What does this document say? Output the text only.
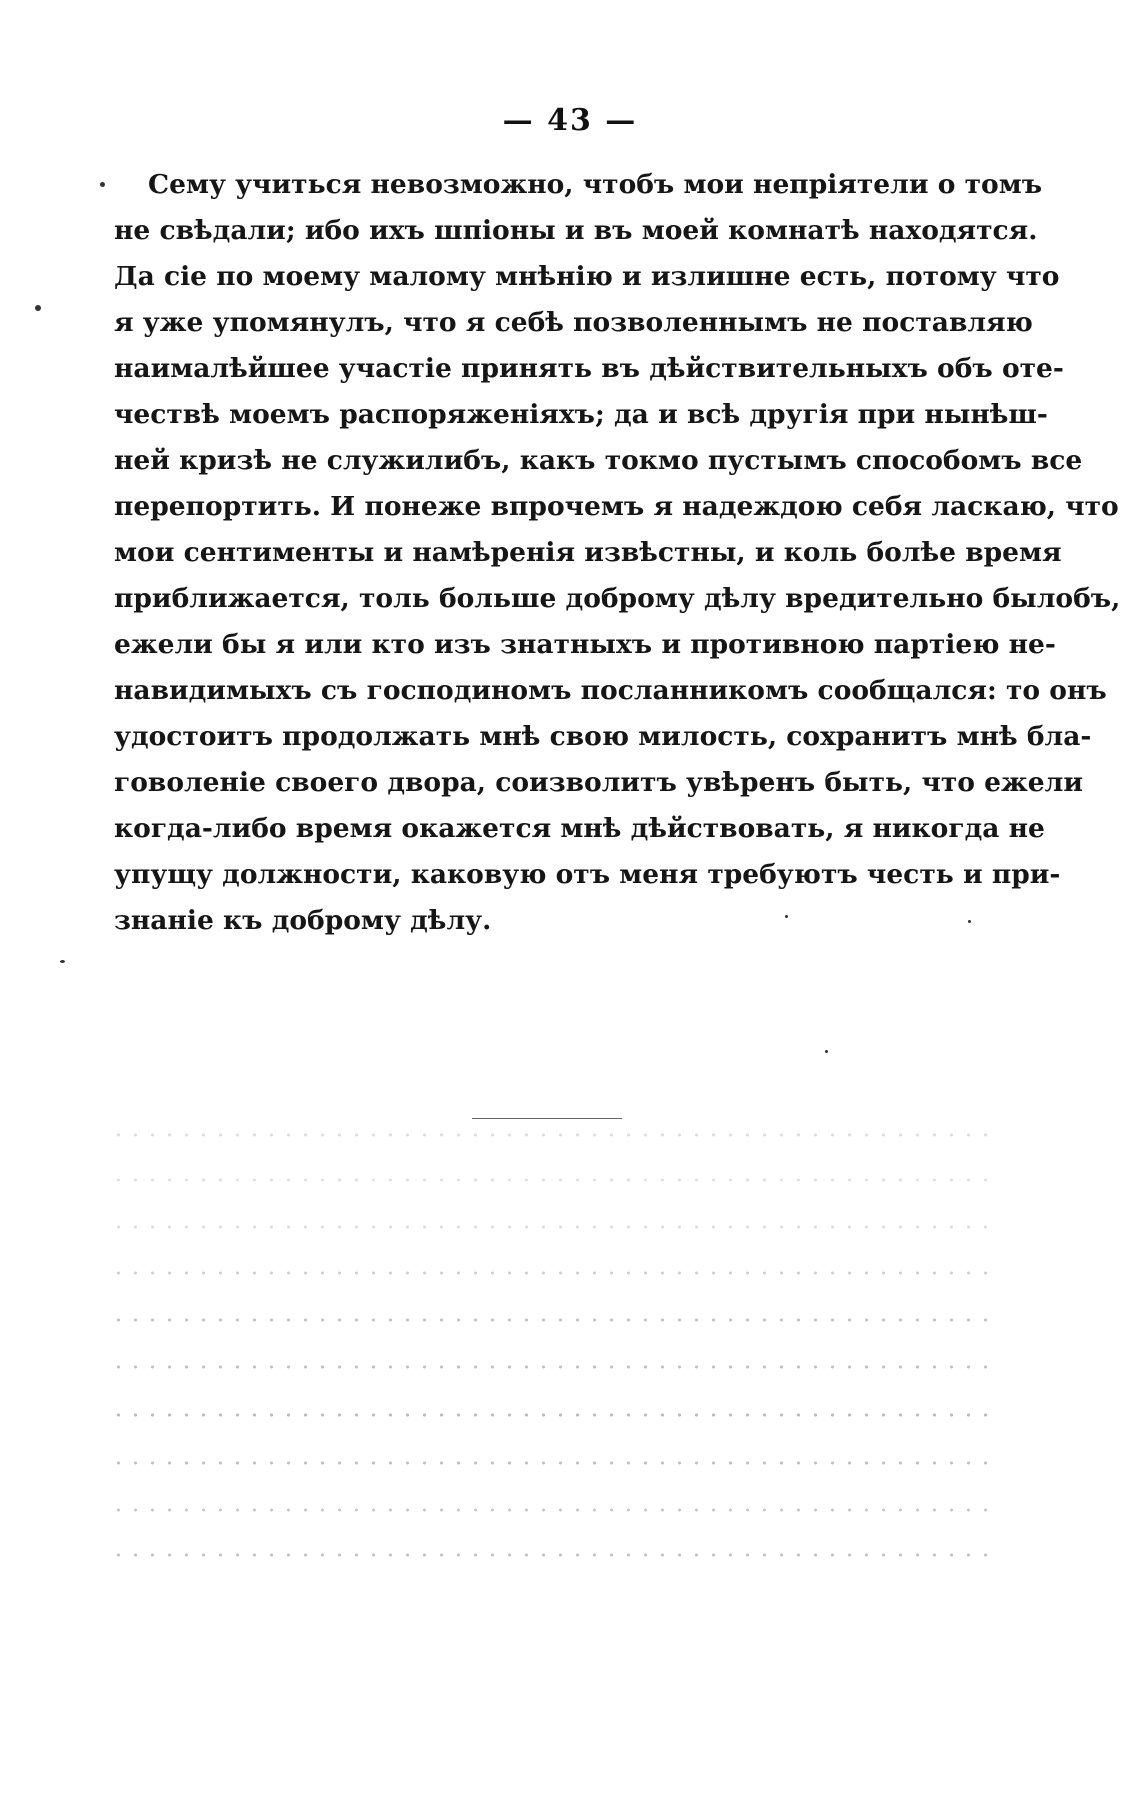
— 43 —
Сему учиться невозможно, чтобъ мои непріятели о томъ
не свѣдали; ибо ихъ шпіоны и въ моей комнатѣ находятся.
Да сіе по моему малому мнѣнію и излишне есть, потому что
я уже упомянулъ, что я себѣ позволеннымъ не поставляю
наималѣйшее участіе принять въ дѣйствительныхъ объ оте-
чествѣ моемъ распоряженіяхъ; да и всѣ другія при нынѣш-
ней кризѣ не служилибъ, какъ токмо пустымъ способомъ все
перепортить. И понеже впрочемъ я надеждою себя ласкаю, что
мои сентименты и намѣренія извѣстны, и коль болѣе время
приближается, толь больше доброму дѣлу вредительно былобъ,
ежели бы я или кто изъ знатныхъ и противною партіею не-
навидимыхъ съ господиномъ посланникомъ сообщался: то онъ
удостоитъ продолжать мнѣ свою милость, сохранитъ мнѣ бла-
говоленіе своего двора, соизволитъ увѣренъ быть, что ежели
когда-либо время окажется мнѣ дѣйствовать, я никогда не
упущу должности, каковую отъ меня требуютъ честь и при-
знаніе къ доброму дѣлу.
